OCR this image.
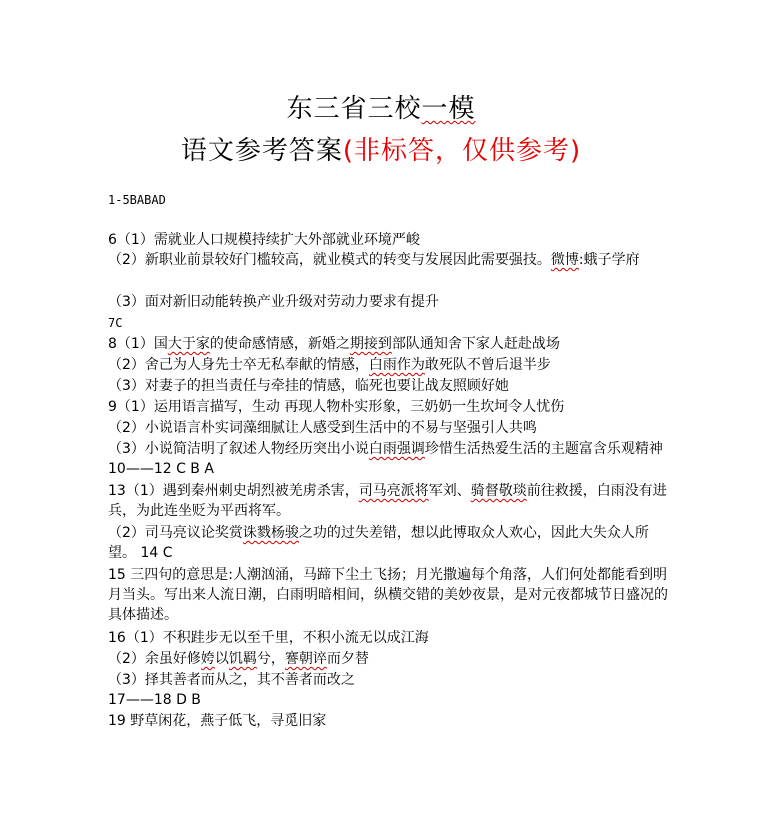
东三省三校一模
语文参考答案(非标答，仅供参考)
1-5BABAD
6（1）需就业人口规模持续扩大外部就业环境严峻
（2）新职业前景较好门槛较高，就业模式的转变与发展因此需要强技。微博:蛾子学府
（3）面对新旧动能转换产业升级对劳动力要求有提升
7C
8（1）国大于家的使命感情感，新婚之期接到部队通知舍下家人赶赴战场
（2）舍己为人身先士卒无私奉献的情感，白雨作为敢死队不曾后退半步
（3）对妻子的担当责任与牵挂的情感，临死也要让战友照顾好她
9（1）运用语言描写，生动 再现人物朴实形象，三奶奶一生坎坷令人忧伤
（2）小说语言朴实词藻细腻让人感受到生活中的不易与坚强引人共鸣
（3）小说简洁明了叙述人物经历突出小说白雨强调珍惜生活热爱生活的主题富含乐观精神 10——12 C B A
13（1）遇到秦州刺史胡烈被羌虏杀害，司马亮派将军刘、骑督敬琰前往救援，白雨没有进兵，为此连坐贬为平西将军。
（2）司马亮议论奖赏诛戮杨骏之功的过失差错，想以此博取众人欢心，因此大失众人所望。 14 C
15 三四句的意思是:人潮汹涌，马蹄下尘土飞扬；月光撒遍每个角落，人们何处都能看到明月当头。写出来人流日潮，白雨明暗相间，纵横交错的美妙夜景，是对元夜都城节日盛况的具体描述。
16（1）不积跬步无以至千里，不积小流无以成江海
（2）余虽好修姱以饥羁兮，謇朝谇而夕替
（3）择其善者而从之，其不善者而改之
17——18 D B
19 野草闲花，燕子低飞，寻觅旧家
